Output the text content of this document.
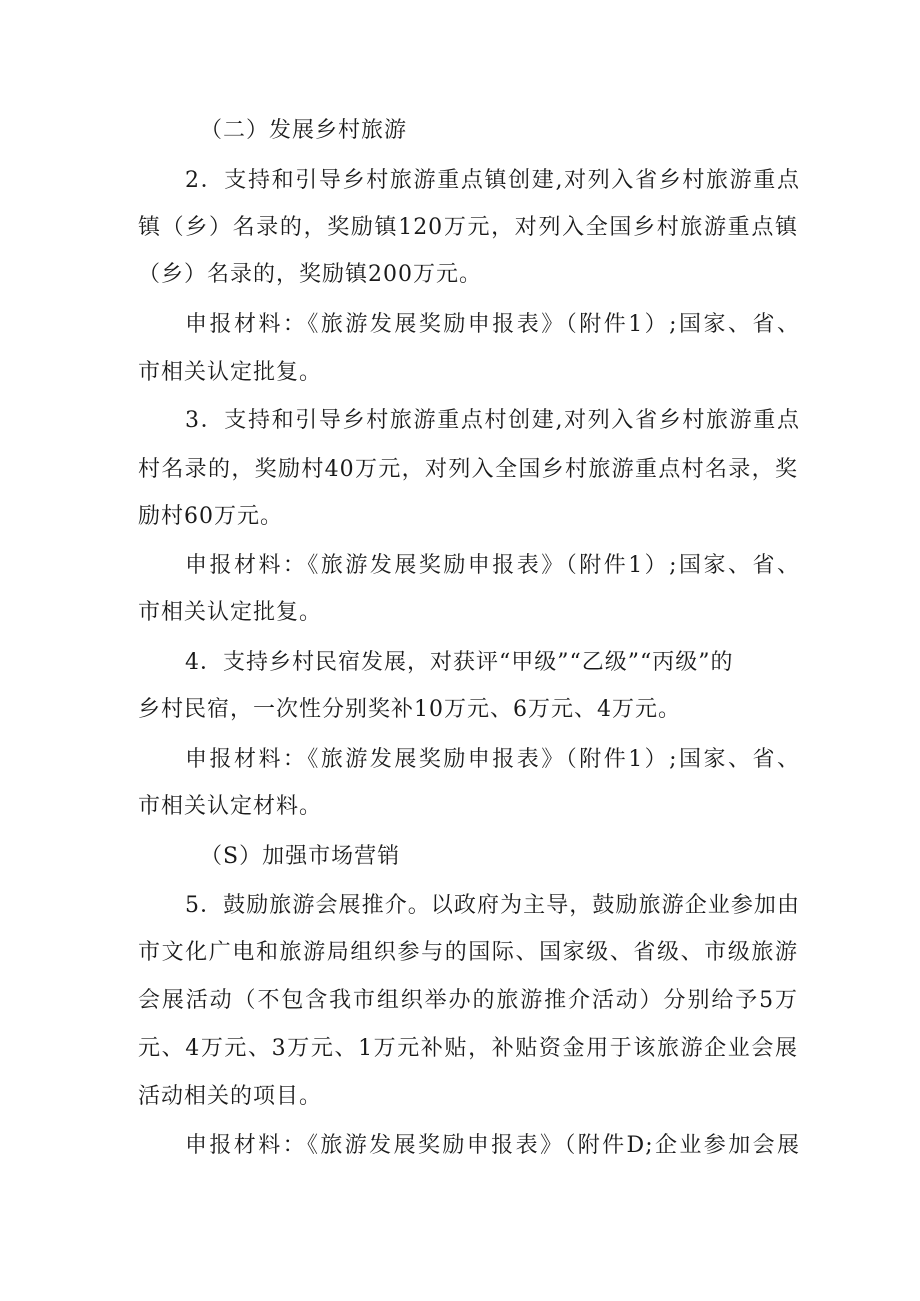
（二）发展乡村旅游
2．支持和引导乡村旅游重点镇创建,对列入省乡村旅游重点
镇（乡）名录的，奖励镇120万元，对列入全国乡村旅游重点镇
（乡）名录的，奖励镇200万元。
申报材料：《旅游发展奖励申报表》（附件1）;国家、省、
市相关认定批复。
3．支持和引导乡村旅游重点村创建,对列入省乡村旅游重点
村名录的，奖励村40万元，对列入全国乡村旅游重点村名录，奖
励村60万元。
申报材料：《旅游发展奖励申报表》（附件1）;国家、省、
市相关认定批复。
4．支持乡村民宿发展，对获评“甲级”“乙级”“丙级”的
乡村民宿，一次性分别奖补10万元、6万元、4万元。
申报材料：《旅游发展奖励申报表》（附件1）;国家、省、
市相关认定材料。
（S）加强市场营销
5．鼓励旅游会展推介。以政府为主导，鼓励旅游企业参加由
市文化广电和旅游局组织参与的国际、国家级、省级、市级旅游
会展活动（不包含我市组织举办的旅游推介活动）分别给予5万
元、4万元、3万元、1万元补贴，补贴资金用于该旅游企业会展
活动相关的项目。
申报材料：《旅游发展奖励申报表》（附件D;企业参加会展
